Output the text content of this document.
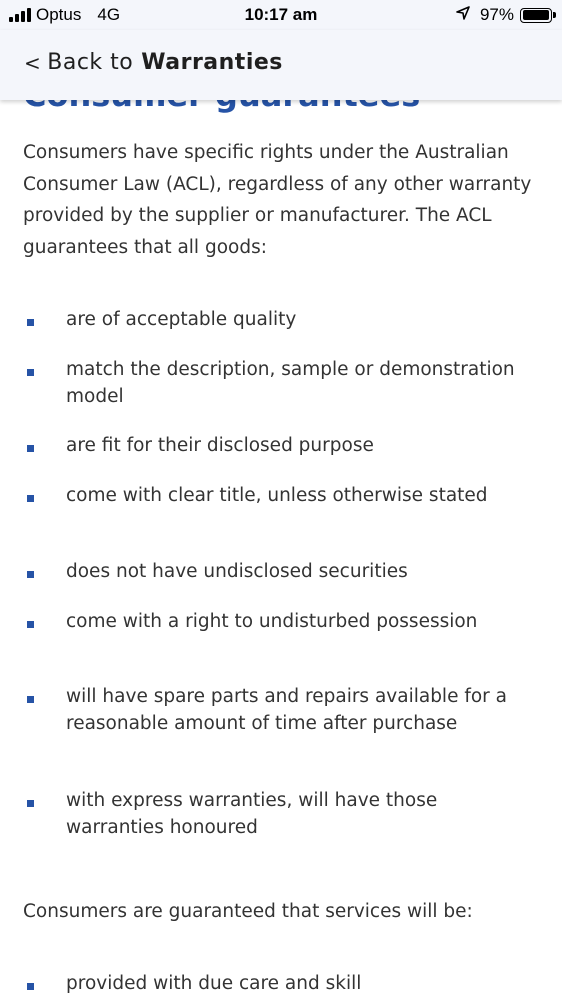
Optus 4G	10:17 am	97%
< Back to Warranties

Consumers have specific rights under the Australian Consumer Law (ACL), regardless of any other warranty provided by the supplier or manufacturer. The ACL guarantees that all goods:

are of acceptable quality
match the description, sample or demonstration model
are fit for their disclosed purpose
come with clear title, unless otherwise stated
does not have undisclosed securities
come with a right to undisturbed possession
will have spare parts and repairs available for a reasonable amount of time after purchase
with express warranties, will have those warranties honoured

Consumers are guaranteed that services will be:

provided with due care and skill
